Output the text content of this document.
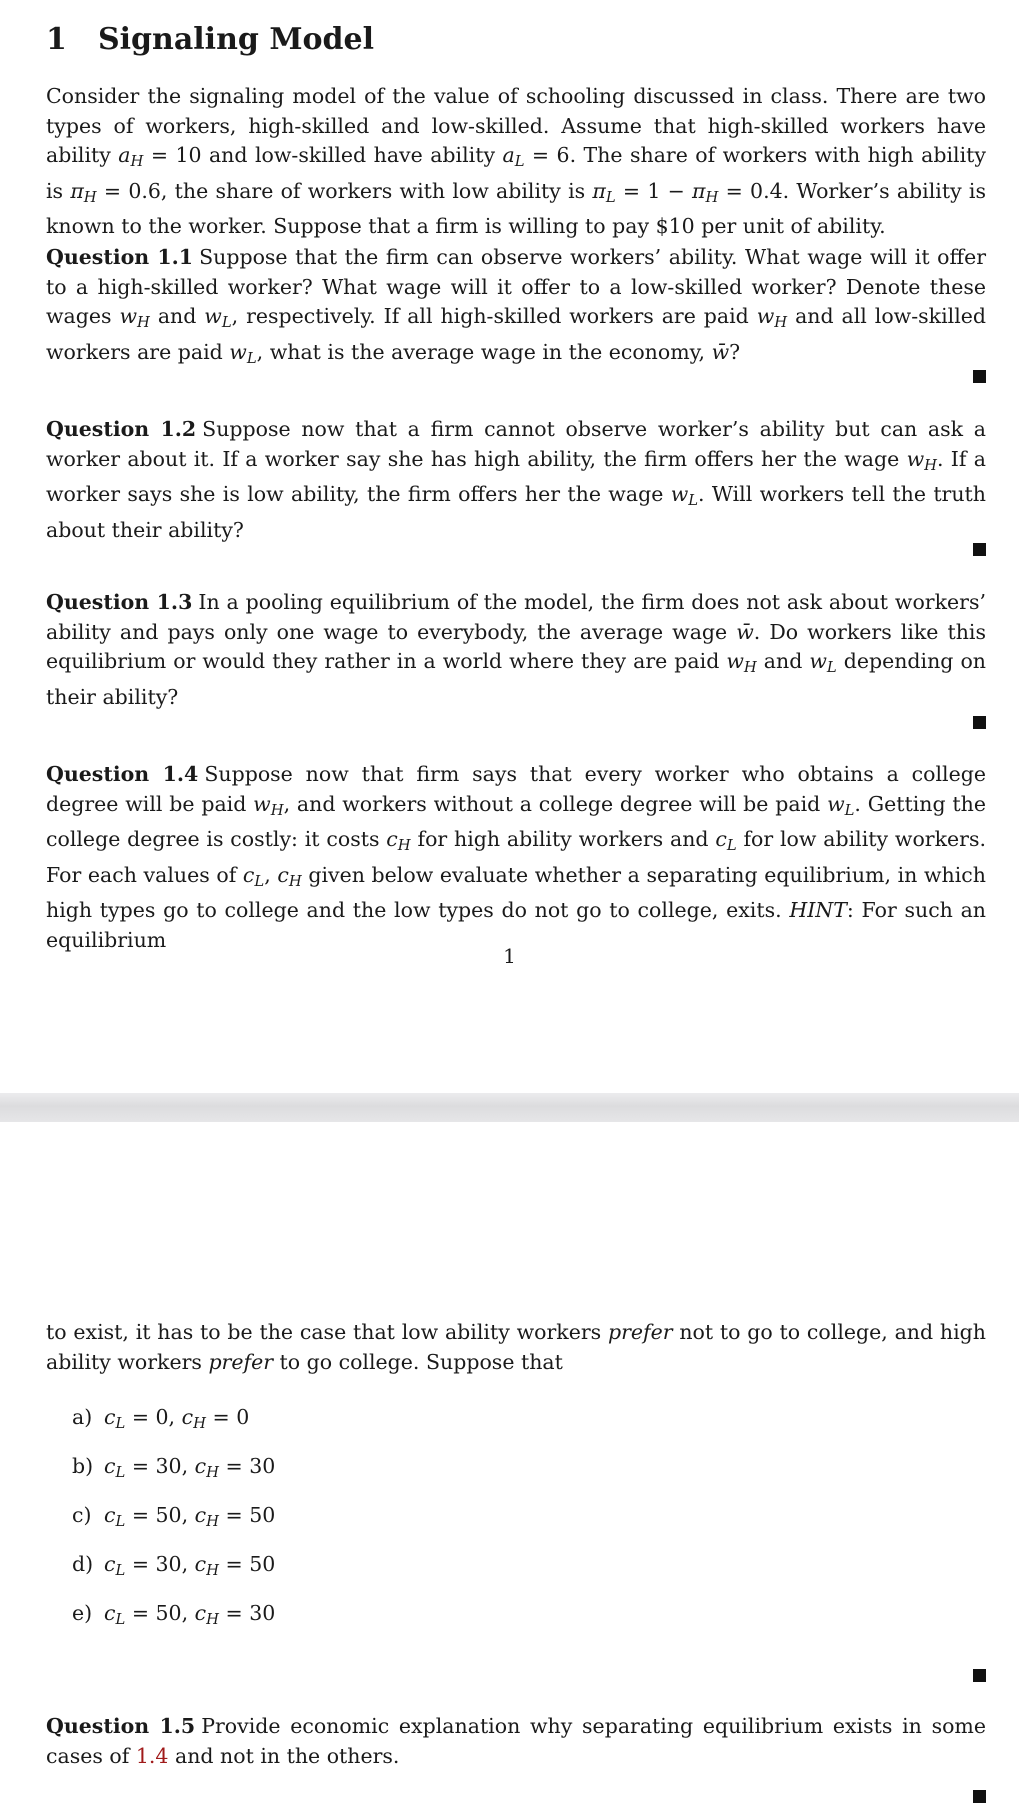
1 Signaling Model

Consider the signaling model of the value of schooling discussed in class. There are two types of workers, high-skilled and low-skilled. Assume that high-skilled workers have ability $a_H = 10$ and low-skilled have ability $a_L = 6$. The share of workers with high ability is $\pi_H = 0.6$, the share of workers with low ability is $\pi_L = 1 - \pi_H = 0.4$. Worker’s ability is known to the worker. Suppose that a firm is willing to pay $10 per unit of ability.

Question 1.1 Suppose that the firm can observe workers’ ability. What wage will it offer to a high-skilled worker? What wage will it offer to a low-skilled worker? Denote these wages $w_H$ and $w_L$, respectively. If all high-skilled workers are paid $w_H$ and all low-skilled workers are paid $w_L$, what is the average wage in the economy, w̄?

Question 1.2 Suppose now that a firm cannot observe worker’s ability but can ask a worker about it. If a worker say she has high ability, the firm offers her the wage $w_H$. If a worker says she is low ability, the firm offers her the wage $w_L$. Will workers tell the truth about their ability?

Question 1.3 In a pooling equilibrium of the model, the firm does not ask about workers’ ability and pays only one wage to everybody, the average wage w̄. Do workers like this equilibrium or would they rather in a world where they are paid $w_H$ and $w_L$ depending on their ability?

Question 1.4 Suppose now that firm says that every worker who obtains a college degree will be paid $w_H$, and workers without a college degree will be paid $w_L$. Getting the college degree is costly: it costs $c_H$ for high ability workers and $c_L$ for low ability workers. For each values of $c_L$, $c_H$ given below evaluate whether a separating equilibrium, in which high types go to college and the low types do not go to college, exits. HINT: For such an equilibrium

1

to exist, it has to be the case that low ability workers prefer not to go to college, and high ability workers prefer to go college. Suppose that

a) $c_L = 0$, $c_H = 0$
b) $c_L = 30$, $c_H = 30$
c) $c_L = 50$, $c_H = 50$
d) $c_L = 30$, $c_H = 50$
e) $c_L = 50$, $c_H = 30$

Question 1.5 Provide economic explanation why separating equilibrium exists in some cases of 1.4 and not in the others.
